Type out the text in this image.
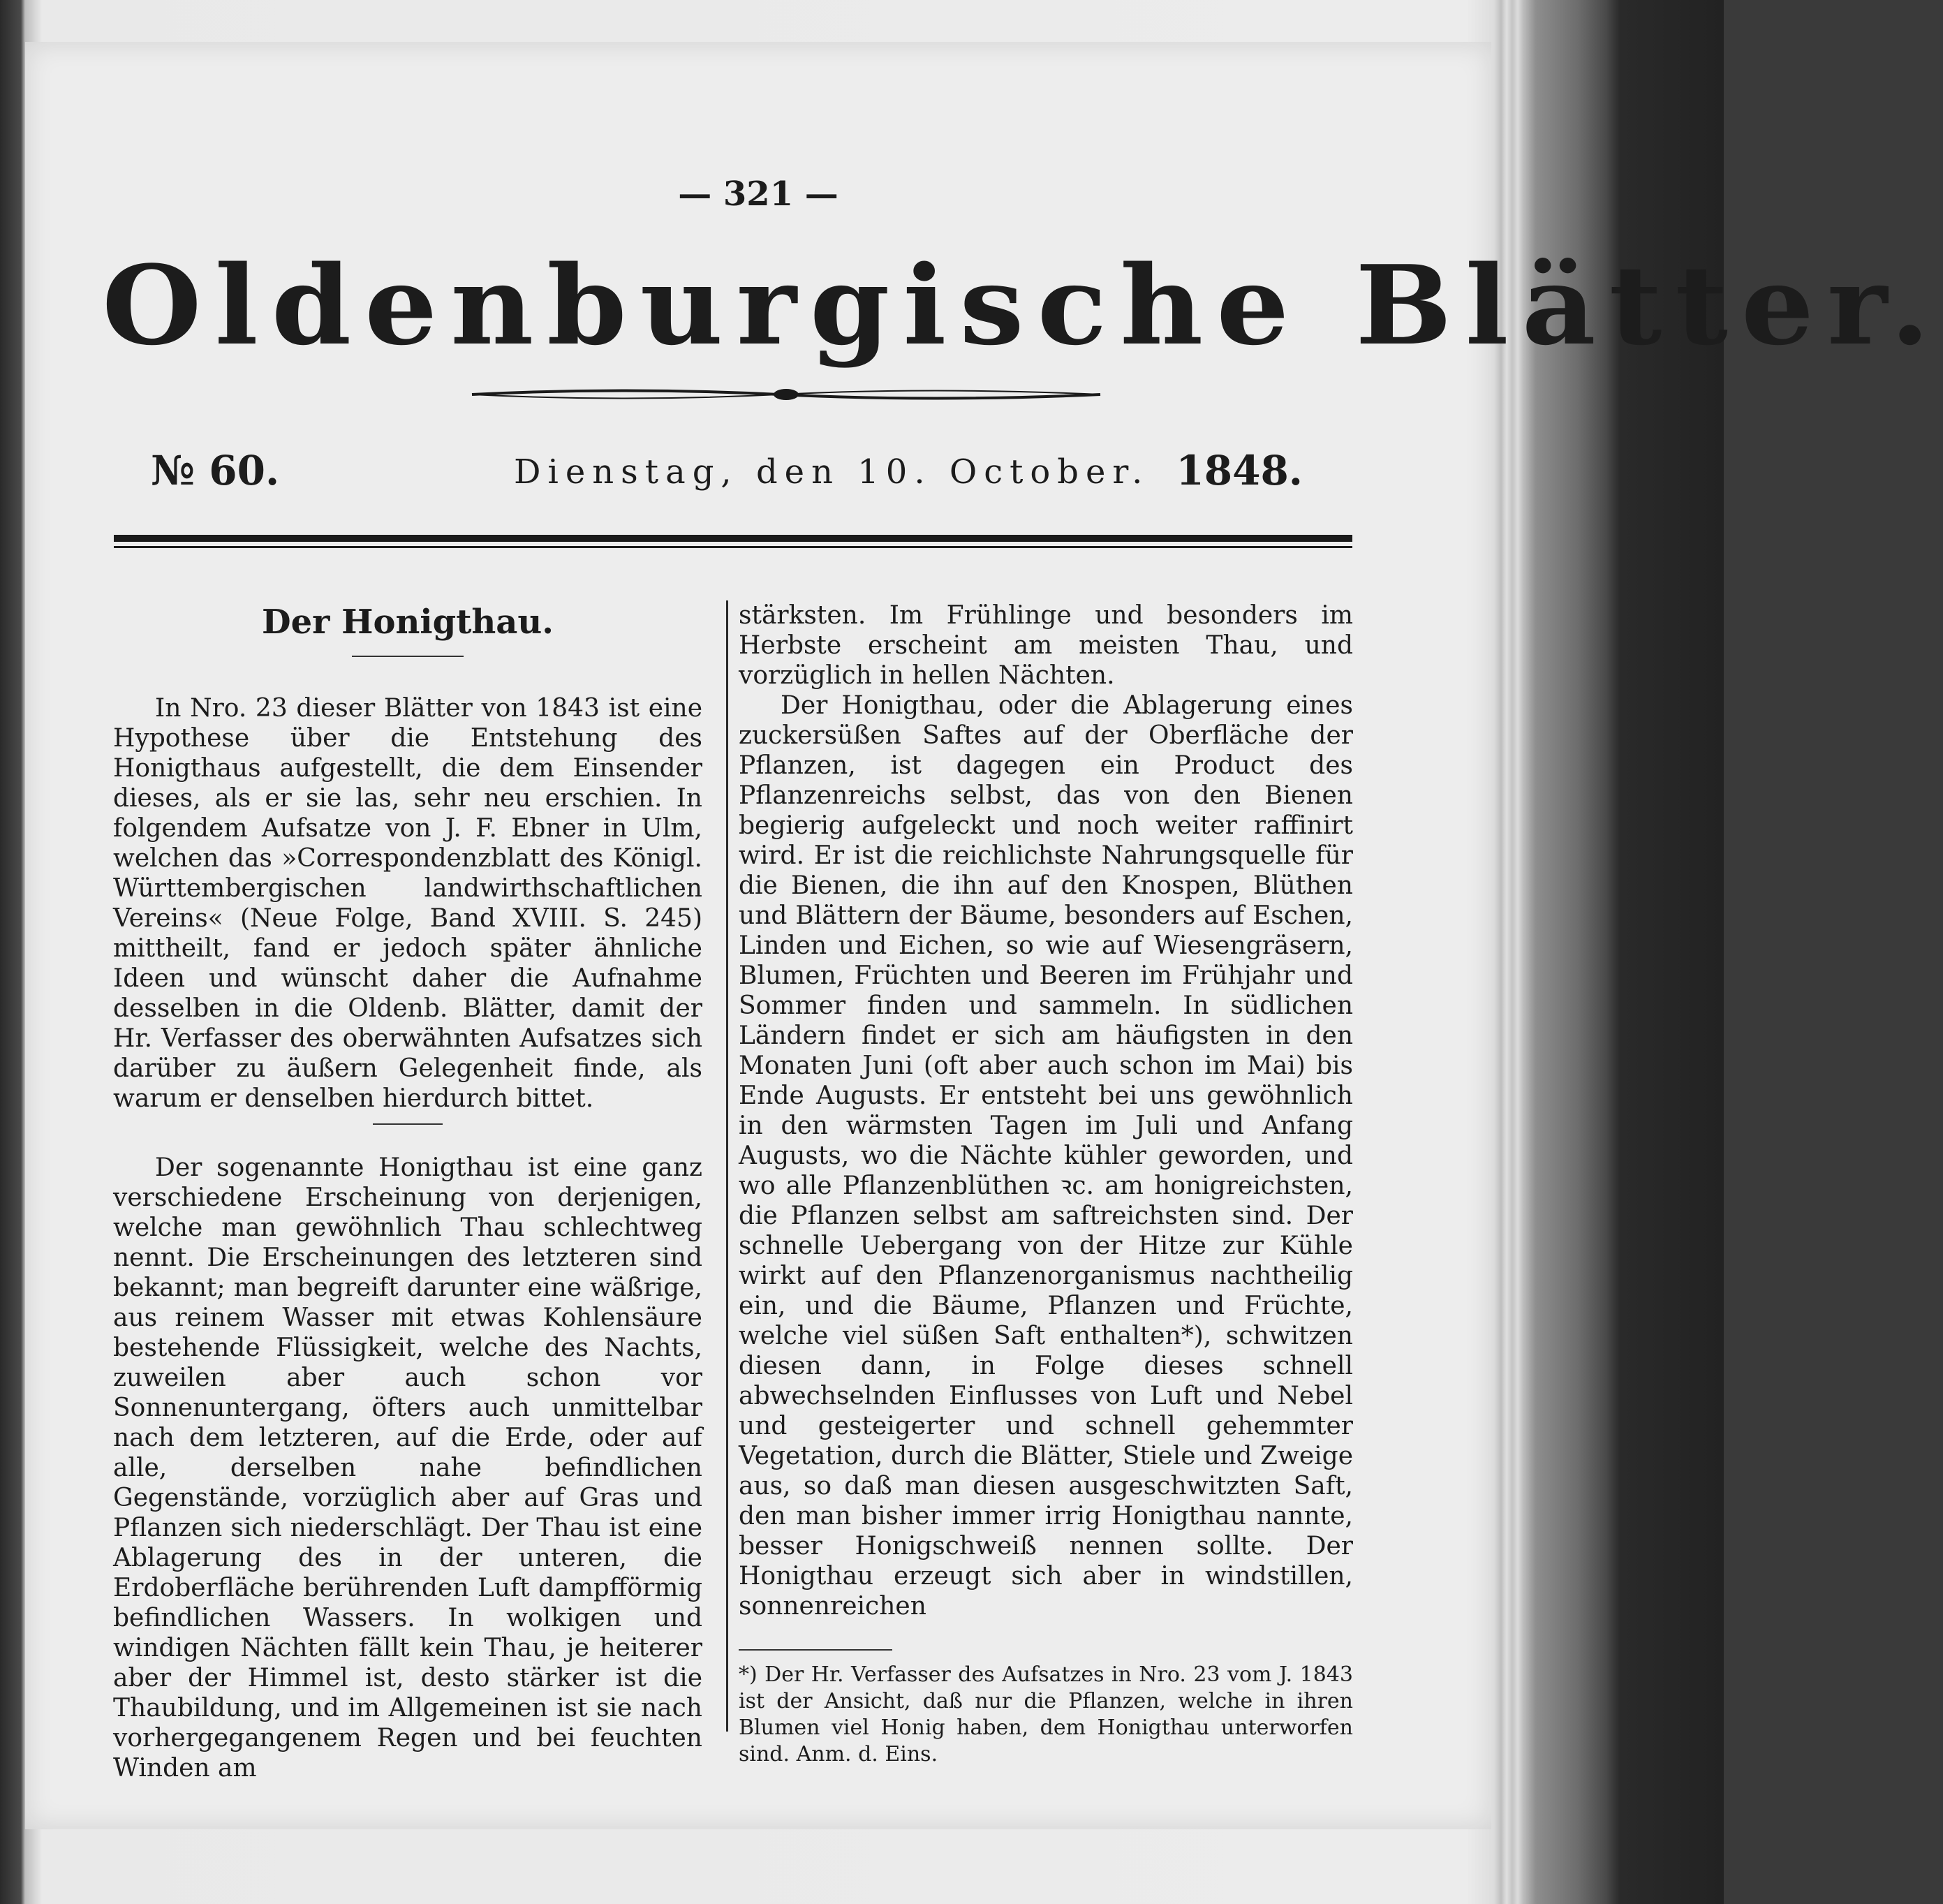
— 321 —
Oldenburgische Blätter.
№ 60.	Dienstag, den 10. October. 1848.
Der Honigthau.

In Nro. 23 dieser Blätter von 1843 ist eine Hypothese über die Entstehung des Honigthaus aufgestellt, die dem Einsender dieses, als er sie las, sehr neu erschien. In folgendem Aufsatze von J. F. Ebner in Ulm, welchen das »Correspondenzblatt des Königl. Württembergischen landwirthschaftlichen Vereins« (Neue Folge, Band XVIII. S. 245) mittheilt, fand er jedoch später ähnliche Ideen und wünscht daher die Aufnahme desselben in die Oldenb. Blätter, damit der Hr. Verfasser des oberwähnten Aufsatzes sich darüber zu äußern Gelegenheit finde, als warum er denselben hierdurch bittet.

Der sogenannte Honigthau ist eine ganz verschiedene Erscheinung von derjenigen, welche man gewöhnlich Thau schlechtweg nennt. Die Erscheinungen des letzteren sind bekannt; man begreift darunter eine wäßrige, aus reinem Wasser mit etwas Kohlensäure bestehende Flüssigkeit, welche des Nachts, zuweilen aber auch schon vor Sonnenuntergang, öfters auch unmittelbar nach dem letzteren, auf die Erde, oder auf alle, derselben nahe befindlichen Gegenstände, vorzüglich aber auf Gras und Pflanzen sich niederschlägt. Der Thau ist eine Ablagerung des in der unteren, die Erdoberfläche berührenden Luft dampfförmig befindlichen Wassers. In wolkigen und windigen Nächten fällt kein Thau, je heiterer aber der Himmel ist, desto stärker ist die Thaubildung, und im Allgemeinen ist sie nach vorhergegangenem Regen und bei feuchten Winden am

stärksten. Im Frühlinge und besonders im Herbste erscheint am meisten Thau, und vorzüglich in hellen Nächten.

Der Honigthau, oder die Ablagerung eines zuckersüßen Saftes auf der Oberfläche der Pflanzen, ist dagegen ein Product des Pflanzenreichs selbst, das von den Bienen begierig aufgeleckt und noch weiter raffinirt wird. Er ist die reichlichste Nahrungsquelle für die Bienen, die ihn auf den Knospen, Blüthen und Blättern der Bäume, besonders auf Eschen, Linden und Eichen, so wie auf Wiesengräsern, Blumen, Früchten und Beeren im Frühjahr und Sommer finden und sammeln. In südlichen Ländern findet er sich am häufigsten in den Monaten Juni (oft aber auch schon im Mai) bis Ende Augusts. Er entsteht bei uns gewöhnlich in den wärmsten Tagen im Juli und Anfang Augusts, wo die Nächte kühler geworden, und wo alle Pflanzenblüthen ꝛc. am honigreichsten, die Pflanzen selbst am saftreichsten sind. Der schnelle Uebergang von der Hitze zur Kühle wirkt auf den Pflanzenorganismus nachtheilig ein, und die Bäume, Pflanzen und Früchte, welche viel süßen Saft enthalten*), schwitzen diesen dann, in Folge dieses schnell abwechselnden Einflusses von Luft und Nebel und gesteigerter und schnell gehemmter Vegetation, durch die Blätter, Stiele und Zweige aus, so daß man diesen ausgeschwitzten Saft, den man bisher immer irrig Honigthau nannte, besser Honigschweiß nennen sollte. Der Honigthau erzeugt sich aber in windstillen, sonnenreichen

*) Der Hr. Verfasser des Aufsatzes in Nro. 23 vom J. 1843 ist der Ansicht, daß nur die Pflanzen, welche in ihren Blumen viel Honig haben, dem Honigthau unterworfen sind. Anm. d. Eins.
